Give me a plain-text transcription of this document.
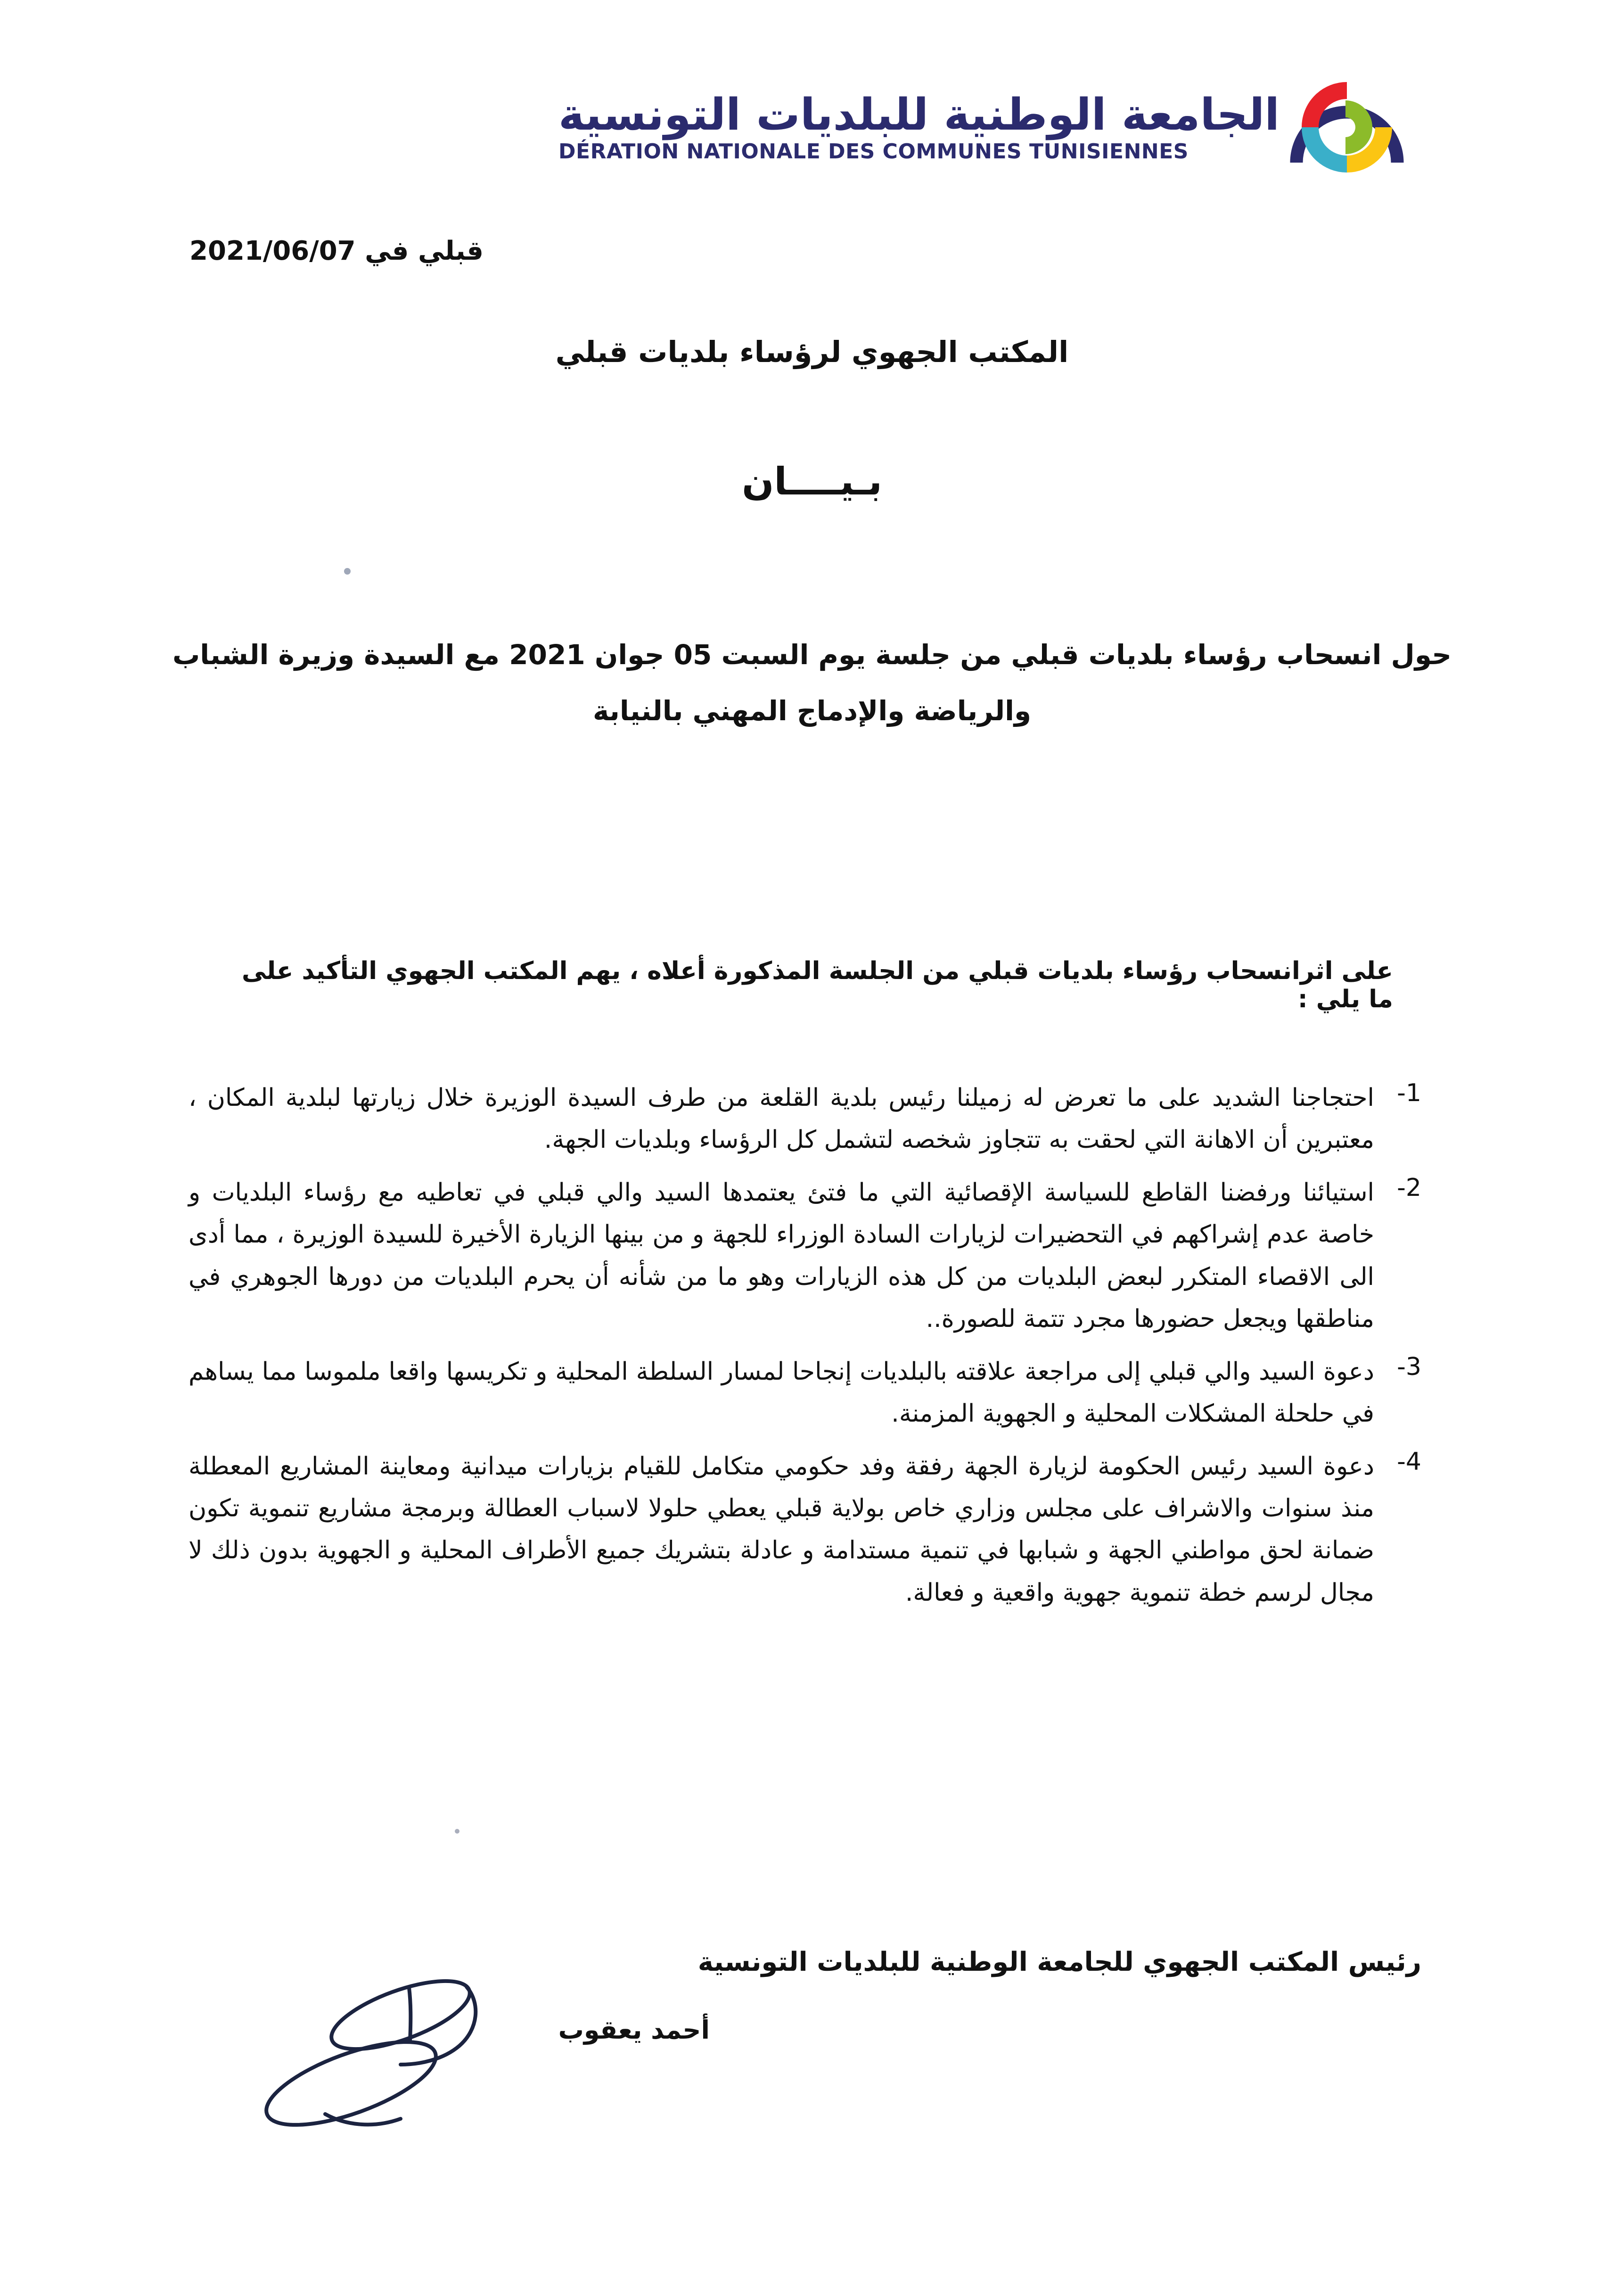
الجامعة الوطنية للبلديات التونسية
DÉRATION NATIONALE DES COMMUNES TUNISIENNES
قبلي في 2021/06/07
المكتب الجهوي لرؤساء بلديات قبلي
بـيــــان
حول انسحاب رؤساء بلديات قبلي من جلسة يوم السبت 05 جوان 2021 مع السيدة وزيرة الشباب والرياضة والإدماج المهني بالنيابة
على اثرانسحاب رؤساء بلديات قبلي من الجلسة المذكورة أعلاه ، يهم المكتب الجهوي التأكيد على ما يلي :
1-
احتجاجنا الشديد على ما تعرض له زميلنا رئيس بلدية القلعة من طرف السيدة الوزيرة خلال زيارتها لبلدية المكان ، معتبرين أن الاهانة التي لحقت به تتجاوز شخصه لتشمل كل الرؤساء وبلديات الجهة.
2-
استيائنا ورفضنا القاطع للسياسة الإقصائية التي ما فتئ يعتمدها السيد والي قبلي في تعاطيه مع رؤساء البلديات و خاصة عدم إشراكهم في التحضيرات لزيارات السادة الوزراء للجهة و من بينها الزيارة الأخيرة للسيدة الوزيرة ، مما أدى الى الاقصاء المتكرر لبعض البلديات من كل هذه الزيارات وهو ما من شأنه أن يحرم البلديات من دورها الجوهري في مناطقها ويجعل حضورها مجرد تتمة للصورة..
3-
دعوة السيد والي قبلي إلى مراجعة علاقته بالبلديات إنجاحا لمسار السلطة المحلية و تكريسها واقعا ملموسا مما يساهم في حلحلة المشكلات المحلية و الجهوية المزمنة.
4-
دعوة السيد رئيس الحكومة لزيارة الجهة رفقة وفد حكومي متكامل للقيام بزيارات ميدانية ومعاينة المشاريع المعطلة منذ سنوات والاشراف على مجلس وزاري خاص بولاية قبلي يعطي حلولا لاسباب العطالة وبرمجة مشاريع تنموية تكون ضمانة لحق مواطني الجهة و شبابها في تنمية مستدامة و عادلة بتشريك جميع الأطراف المحلية و الجهوية بدون ذلك لا مجال لرسم خطة تنموية جهوية واقعية و فعالة.
رئيس المكتب الجهوي للجامعة الوطنية للبلديات التونسية
أحمد يعقوب
